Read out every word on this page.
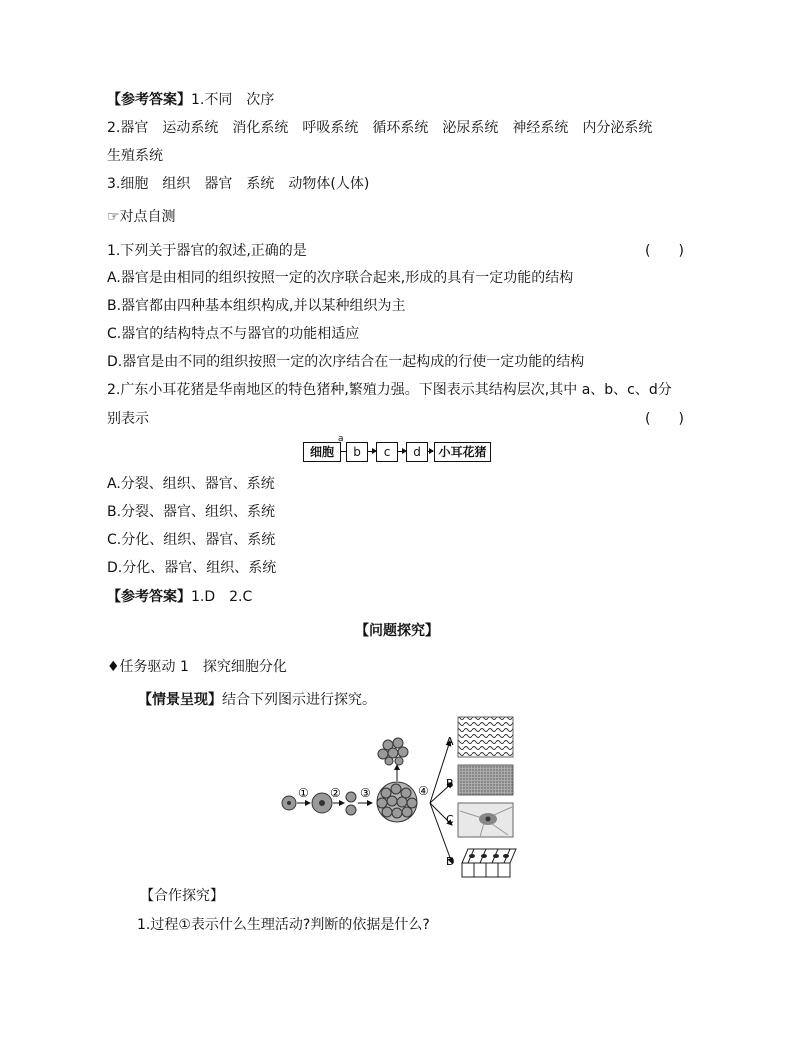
【参考答案】1.不同　次序
2.器官　运动系统　消化系统　呼吸系统　循环系统　泌尿系统　神经系统　内分泌系统
生殖系统
3.细胞　组织　器官　系统　动物体(人体)
☞对点自测
1.下列关于器官的叙述,正确的是	(　　)
A.器官是由相同的组织按照一定的次序联合起来,形成的具有一定功能的结构
B.器官都由四种基本组织构成,并以某种组织为主
C.器官的结构特点不与器官的功能相适应
D.器官是由不同的组织按照一定的次序结合在一起构成的行使一定功能的结构
2.广东小耳花猪是华南地区的特色猪种,繁殖力强。下图表示其结构层次,其中 a、b、c、d分
别表示	(　　)
细胞
a
b	c	d	小耳花猪
A.分裂、组织、器官、系统
B.分裂、器官、组织、系统
C.分化、组织、器官、系统
D.分化、器官、组织、系统
【参考答案】1.D　2.C
【问题探究】
♦任务驱动 1　探究细胞分化
【情景呈现】结合下列图示进行探究。
① ② ③	④
A
B
C
D
【合作探究】
1.过程①表示什么生理活动?判断的依据是什么?
